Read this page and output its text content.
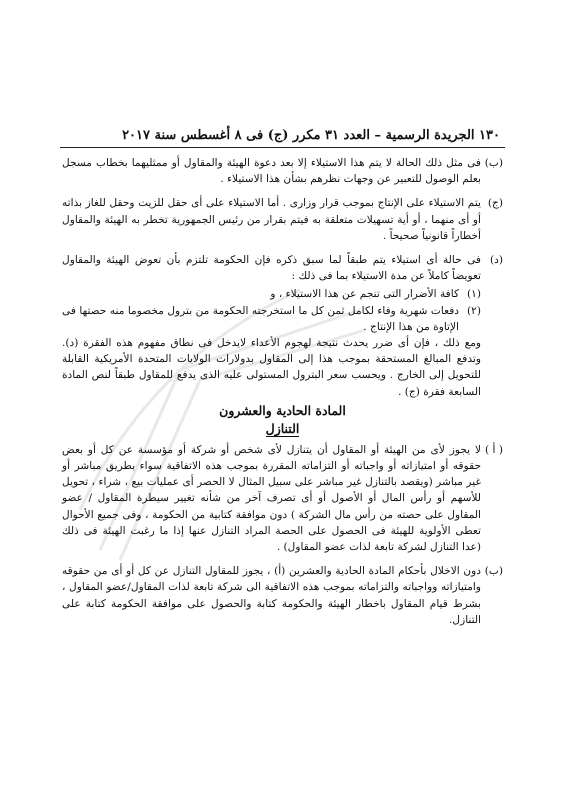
١٣٠ الجريدة الرسمية – العدد ٣١ مكرر (ج) فى ٨ أغسطس سنة ٢٠١٧
(ب)
فى مثل ذلك الحالة لا يتم هذا الاستيلاء إلا بعد دعوة الهيئة والمقاول أو ممثليهما بخطاب مسجل بعلم الوصول للتعبير عن وجهات نظرهم بشأن هذا الاستيلاء .
(ج)
يتم الاستيلاء على الإنتاج بموجب قرار وزارى . أما الاستيلاء على أى حقل للزيت وحقل للغاز بذاته أو أى منهما ، أو أية تسهيلات متعلقة به فيتم بقرار من رئيس الجمهورية تخطر به الهيئة والمقاول أخطاراً قانونياً صحيحاً .
(د)
فى حالة أى استيلاء يتم طبقاً لما سبق ذكره فإن الحكومة تلتزم بأن تعوض الهيئة والمقاول تعويضاً كاملاً عن مدة الاستيلاء بما فى ذلك :
(١)
كافة الأضرار التى تنجم عن هذا الاستيلاء ، و
(٢)
دفعات شهرية وفاء لكامل ثمن كل ما استخرجته الحكومة من بترول مخصوما منه حصتها فى الإتاوة من هذا الإنتاج .
ومع ذلك ، فإن أى ضرر يحدث نتيجة لهجوم الأعداء لايدخل فى نطاق مفهوم هذه الفقرة (د). وتدفع المبالغ المستحقة بموجب هذا إلى المقاول بدولارات الولايات المتحدة الأمريكية القابلة للتحويل إلى الخارج . ويحسب سعر البترول المستولى عليه الذى يدفع للمقاول طبقاً لنص المادة السابعة فقرة (ج) .
المادة الحادية والعشرون
التنازل
( أ )
لا يجوز لأى من الهيئة أو المقاول أن يتنازل لأى شخص أو شركة أو مؤسسة عن كل أو بعض حقوقه أو امتيازاته أو واجباته أو التزاماته المقررة بموجب هذه الاتفاقية سواء بطريق مباشر أو غير مباشر (ويقصد بالتنازل غير مباشر على سبيل المثال لا الحصر أى عمليات بيع ، شراء ، تحويل للأسهم أو رأس المال أو الأصول أو أى تصرف آخر من شأنه تغيير سيطرة المقاول / عضو المقاول على حصته من رأس مال الشركة ) دون موافقة كتابية من الحكومة ، وفى جميع الأحوال تعطى الأولوية للهيئة فى الحصول على الحصة المراد التنازل عنها إذا ما رغبت الهيئة فى ذلك (عدا التنازل لشركة تابعة لذات عضو المقاول) .
(ب)
دون الاخلال بأحكام المادة الحادية والعشرين (أ) ، يجوز للمقاول التنازل عن كل أو أى من حقوقه وامتيازاته وواجباته والتزاماته بموجب هذه الاتفاقية الى شركة تابعة لذات المقاول/عضو المقاول ، بشرط قيام المقاول باخطار الهيئة والحكومة كتابة والحصول على موافقة الحكومة كتابة على التنازل.
